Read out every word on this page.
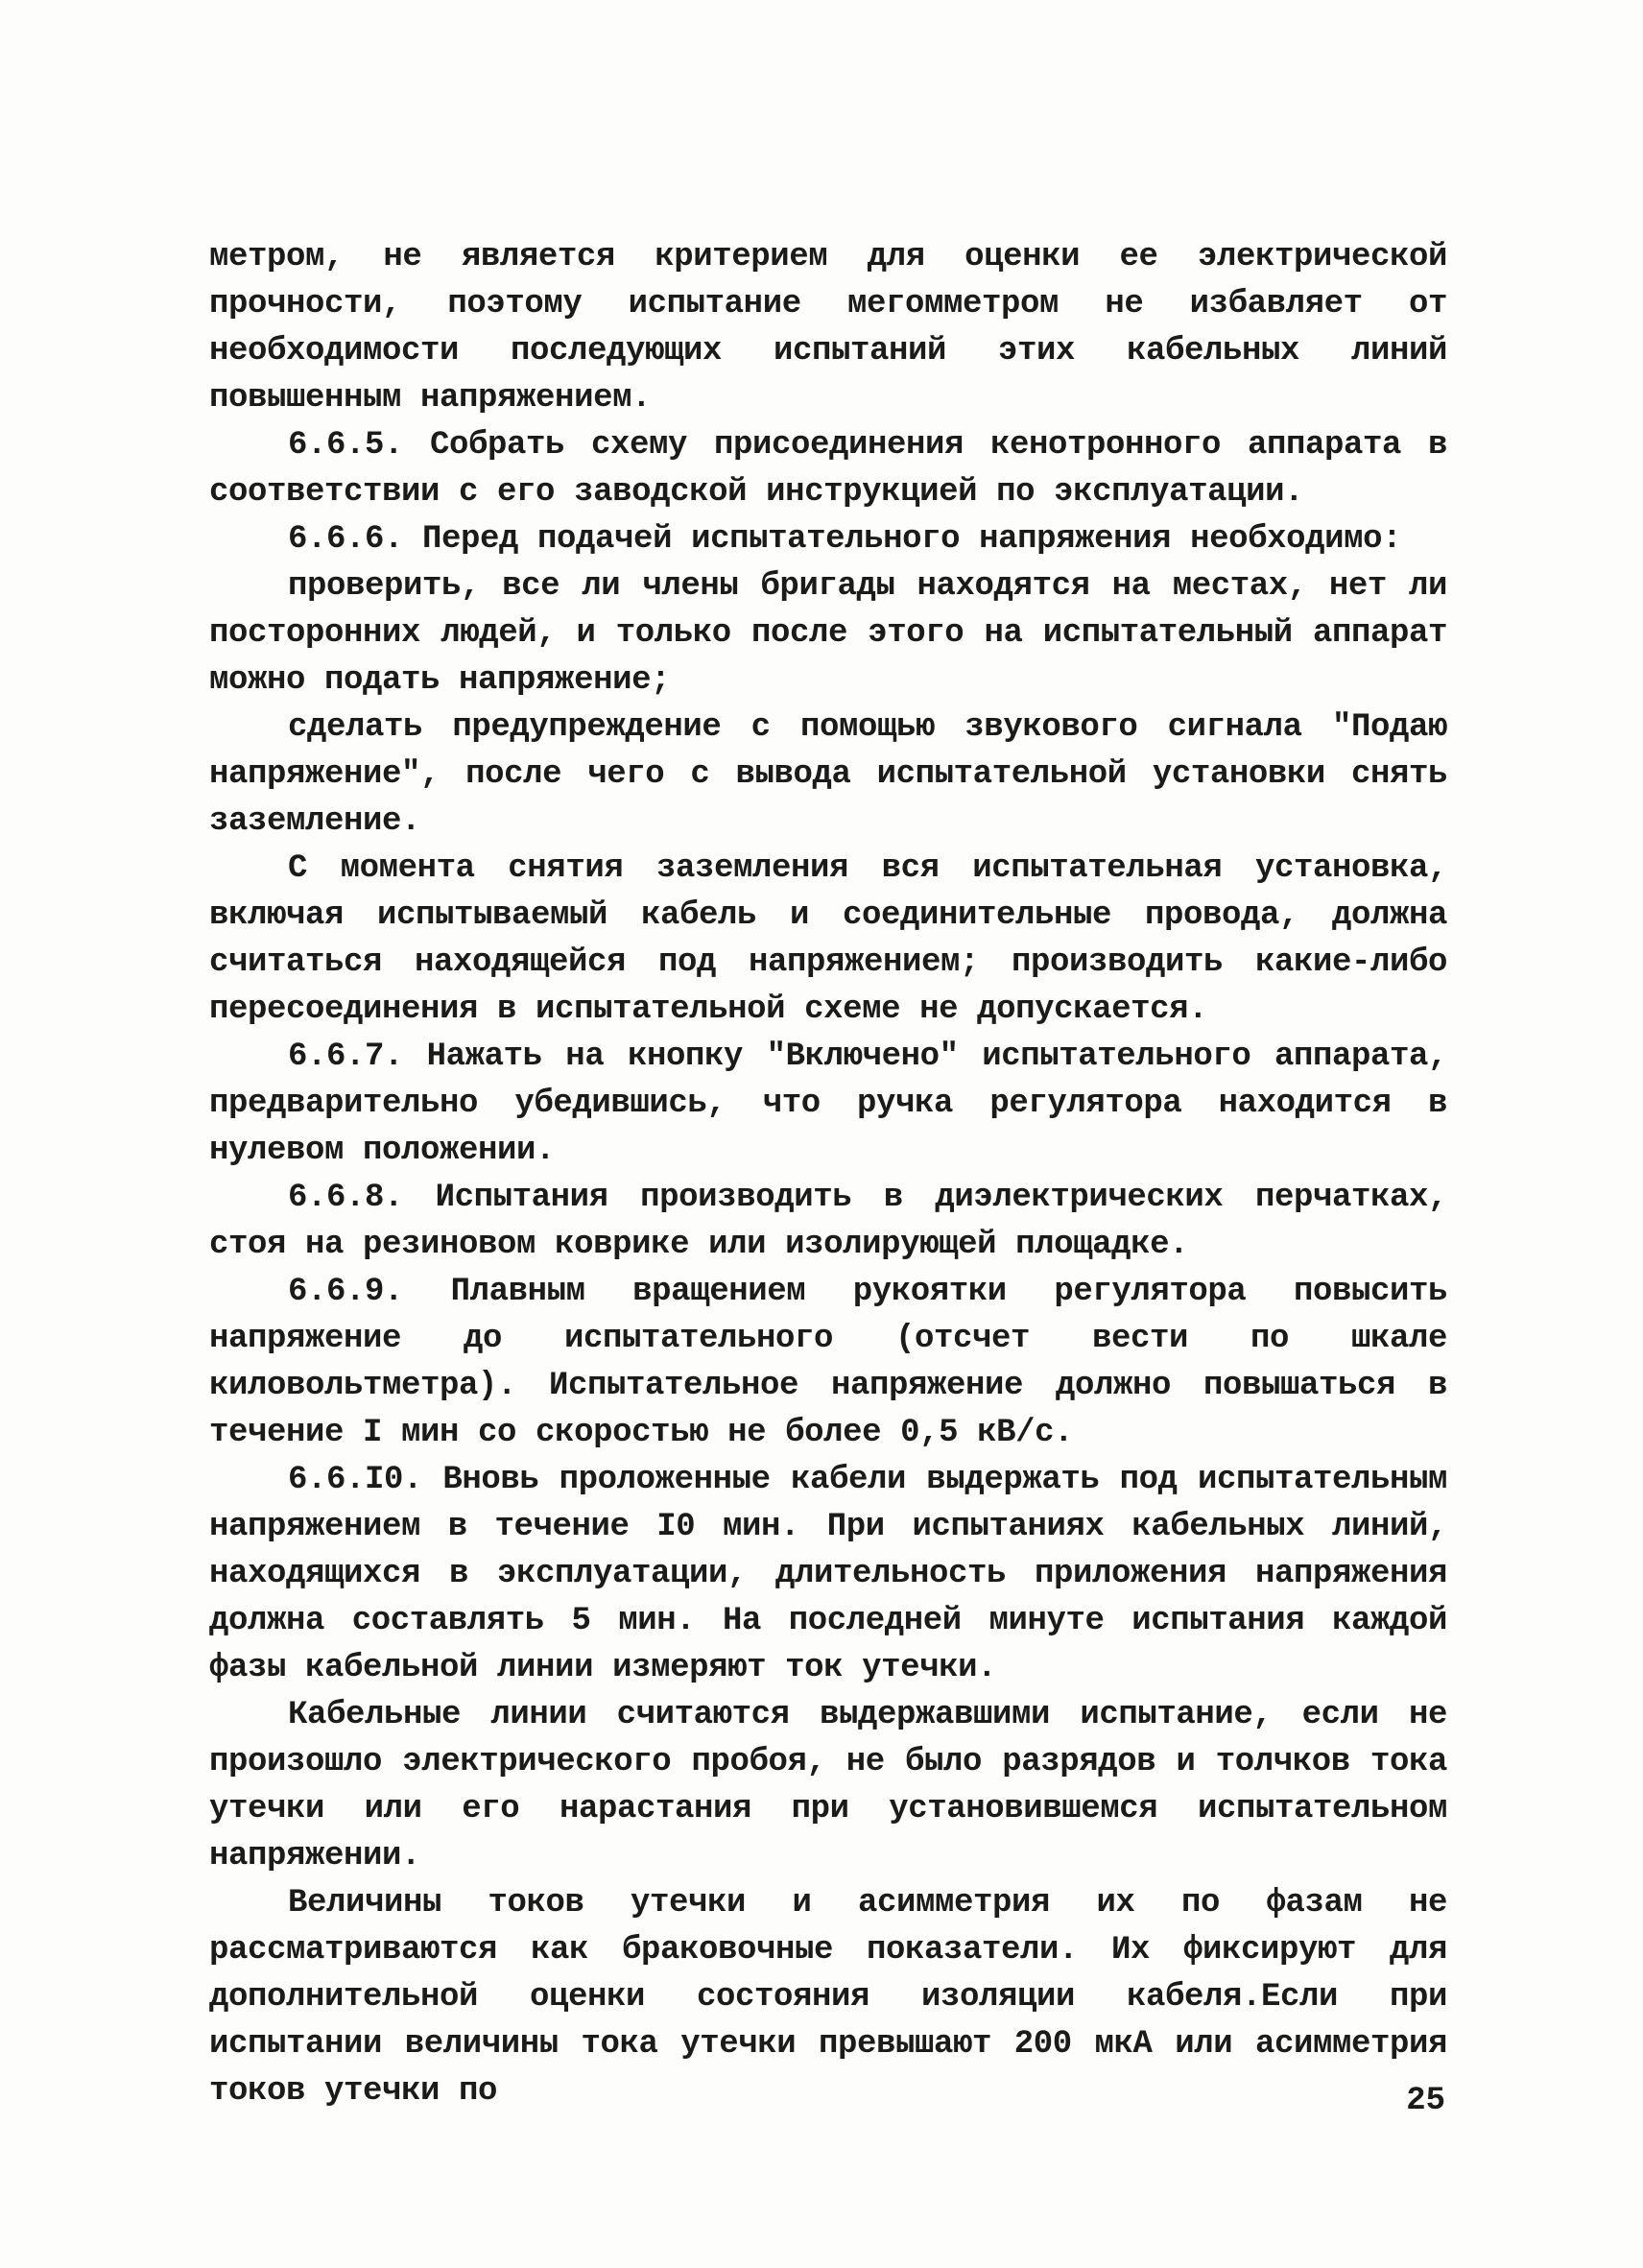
метром, не является критерием для оценки ее электрической прочности, поэтому испытание мегомметром не избавляет от необходимости последующих испытаний этих кабельных линий повышенным напряжением.

6.6.5. Собрать схему присоединения кенотронного аппарата в соответствии с его заводской инструкцией по эксплуатации.

6.6.6. Перед подачей испытательного напряжения необходимо:

проверить, все ли члены бригады находятся на местах, нет ли посторонних людей, и только после этого на испытательный аппарат можно подать напряжение;

сделать предупреждение с помощью звукового сигнала "Подаю напряжение", после чего с вывода испытательной установки снять заземление.

С момента снятия заземления вся испытательная установка, включая испытываемый кабель и соединительные провода, должна считаться находящейся под напряжением; производить какие-либо пересоединения в испытательной схеме не допускается.

6.6.7. Нажать на кнопку "Включено" испытательного аппарата, предварительно убедившись, что ручка регулятора находится в нулевом положении.

6.6.8. Испытания производить в диэлектрических перчатках, стоя на резиновом коврике или изолирующей площадке.

6.6.9. Плавным вращением рукоятки регулятора повысить напряжение до испытательного (отсчет вести по шкале киловольтметра). Испытательное напряжение должно повышаться в течение I мин со скоростью не более 0,5 кВ/с.

6.6.I0. Вновь проложенные кабели выдержать под испытательным напряжением в течение I0 мин. При испытаниях кабельных линий, находящихся в эксплуатации, длительность приложения напряжения должна составлять 5 мин. На последней минуте испытания каждой фазы кабельной линии измеряют ток утечки.

Кабельные линии считаются выдержавшими испытание, если не произошло электрического пробоя, не было разрядов и толчков тока утечки или его нарастания при установившемся испытательном напряжении.

Величины токов утечки и асимметрия их по фазам не рассматриваются как браковочные показатели. Их фиксируют для дополнительной оценки состояния изоляции кабеля.Если при испытании величины тока утечки превышают 200 мкА или асимметрия токов утечки по	25
